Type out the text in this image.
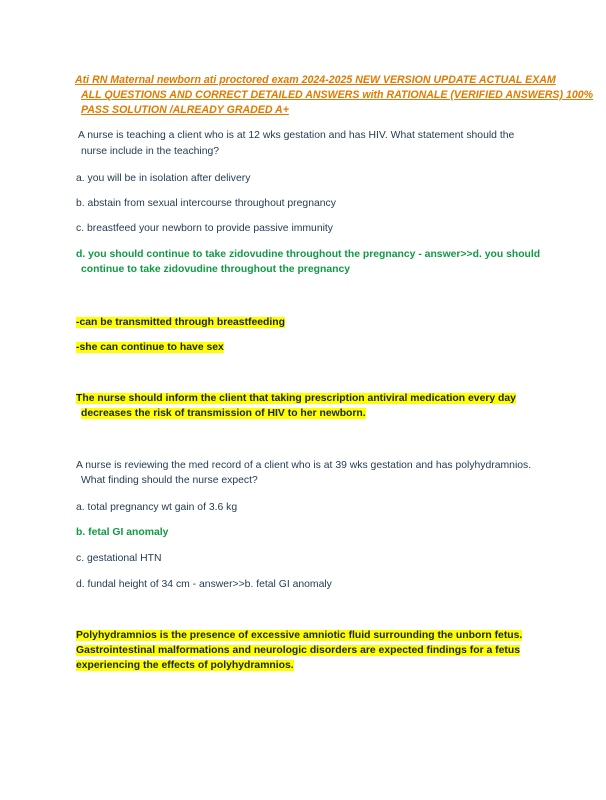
Ati RN Maternal newborn ati proctored exam 2024-2025 NEW VERSION UPDATE ACTUAL EXAM
ALL QUESTIONS AND CORRECT DETAILED ANSWERS with RATIONALE (VERIFIED ANSWERS) 100%
PASS SOLUTION /ALREADY GRADED A+
A nurse is teaching a client who is at 12 wks gestation and has HIV. What statement should the
nurse include in the teaching?
a. you will be in isolation after delivery
b. abstain from sexual intercourse throughout pregnancy
c. breastfeed your newborn to provide passive immunity
d. you should continue to take zidovudine throughout the pregnancy - answer>>d. you should
continue to take zidovudine throughout the pregnancy
-can be transmitted through breastfeeding
-she can continue to have sex
The nurse should inform the client that taking prescription antiviral medication every day
decreases the risk of transmission of HIV to her newborn.
A nurse is reviewing the med record of a client who is at 39 wks gestation and has polyhydramnios.
What finding should the nurse expect?
a. total pregnancy wt gain of 3.6 kg
b. fetal GI anomaly
c. gestational HTN
d. fundal height of 34 cm - answer>>b. fetal GI anomaly
Polyhydramnios is the presence of excessive amniotic fluid surrounding the unborn fetus.
Gastrointestinal malformations and neurologic disorders are expected findings for a fetus
experiencing the effects of polyhydramnios.
